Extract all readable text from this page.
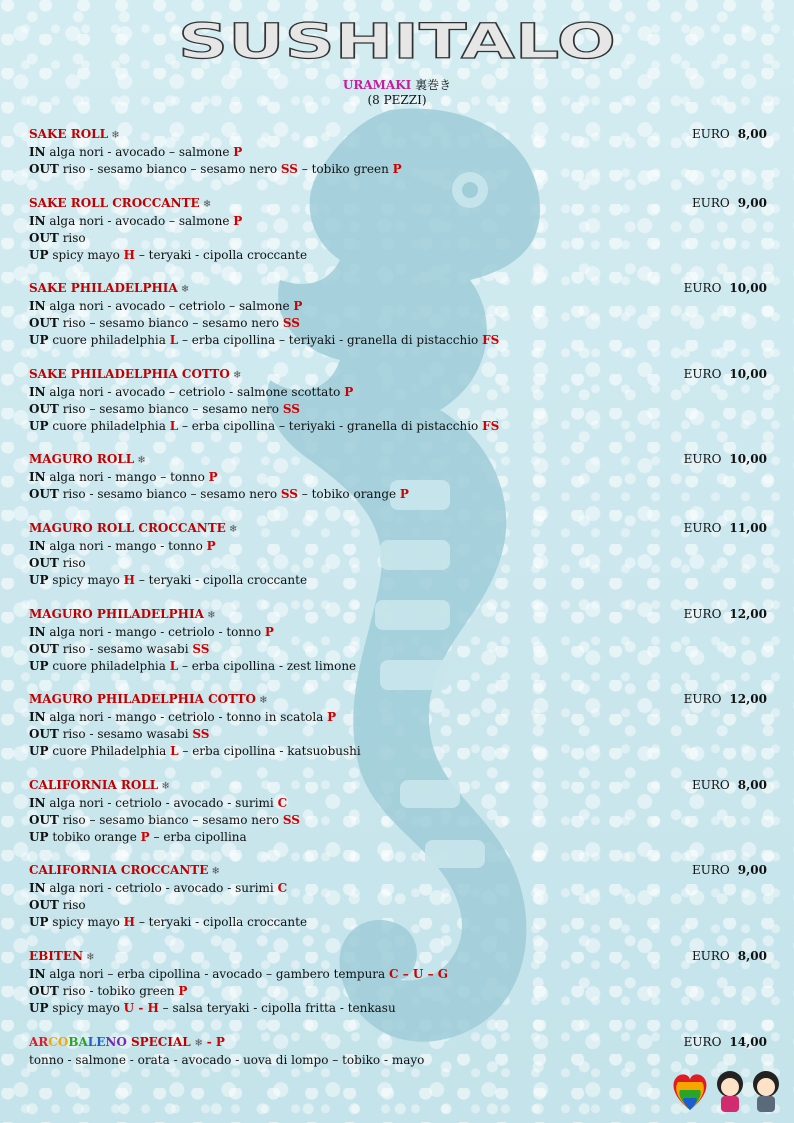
SUSHITALO
URAMAKI 裏巻き
(8 PEZZI)
SAKE ROLL ❄	EURO 8,00
IN alga nori - avocado – salmone P
OUT riso - sesamo bianco – sesamo nero SS – tobiko green P
SAKE ROLL CROCCANTE ❄	EURO 9,00
IN alga nori - avocado – salmone P
OUT riso
UP spicy mayo H – teryaki - cipolla croccante
SAKE PHILADELPHIA ❄	EURO 10,00
IN alga nori - avocado – cetriolo – salmone P
OUT riso – sesamo bianco – sesamo nero SS
UP cuore philadelphia L – erba cipollina – teriyaki - granella di pistacchio FS
SAKE PHILADELPHIA COTTO ❄	EURO 10,00
IN alga nori - avocado – cetriolo - salmone scottato P
OUT riso – sesamo bianco – sesamo nero SS
UP cuore philadelphia L – erba cipollina – teriyaki - granella di pistacchio FS
MAGURO ROLL ❄	EURO 10,00
IN alga nori - mango – tonno P
OUT riso - sesamo bianco – sesamo nero SS – tobiko orange P
MAGURO ROLL CROCCANTE ❄	EURO 11,00
IN alga nori - mango - tonno P
OUT riso
UP spicy mayo H – teryaki - cipolla croccante
MAGURO PHILADELPHIA ❄	EURO 12,00
IN alga nori - mango - cetriolo - tonno P
OUT riso - sesamo wasabi SS
UP cuore philadelphia L – erba cipollina - zest limone
MAGURO PHILADELPHIA COTTO ❄	EURO 12,00
IN alga nori - mango - cetriolo - tonno in scatola P
OUT riso - sesamo wasabi SS
UP cuore Philadelphia L – erba cipollina - katsuobushi
CALIFORNIA ROLL ❄	EURO 8,00
IN alga nori - cetriolo - avocado - surimi C
OUT riso – sesamo bianco – sesamo nero SS
UP tobiko orange P – erba cipollina
CALIFORNIA CROCCANTE ❄	EURO 9,00
IN alga nori - cetriolo - avocado - surimi C
OUT riso
UP spicy mayo H – teryaki - cipolla croccante
EBITEN ❄	EURO 8,00
IN alga nori – erba cipollina - avocado – gambero tempura C – U – G
OUT riso - tobiko green P
UP spicy mayo U - H – salsa teryaki - cipolla fritta - tenkasu
ARCOBALENO SPECIAL ❄ - P	EURO 14,00
tonno - salmone - orata - avocado - uova di lompo – tobiko - mayo
